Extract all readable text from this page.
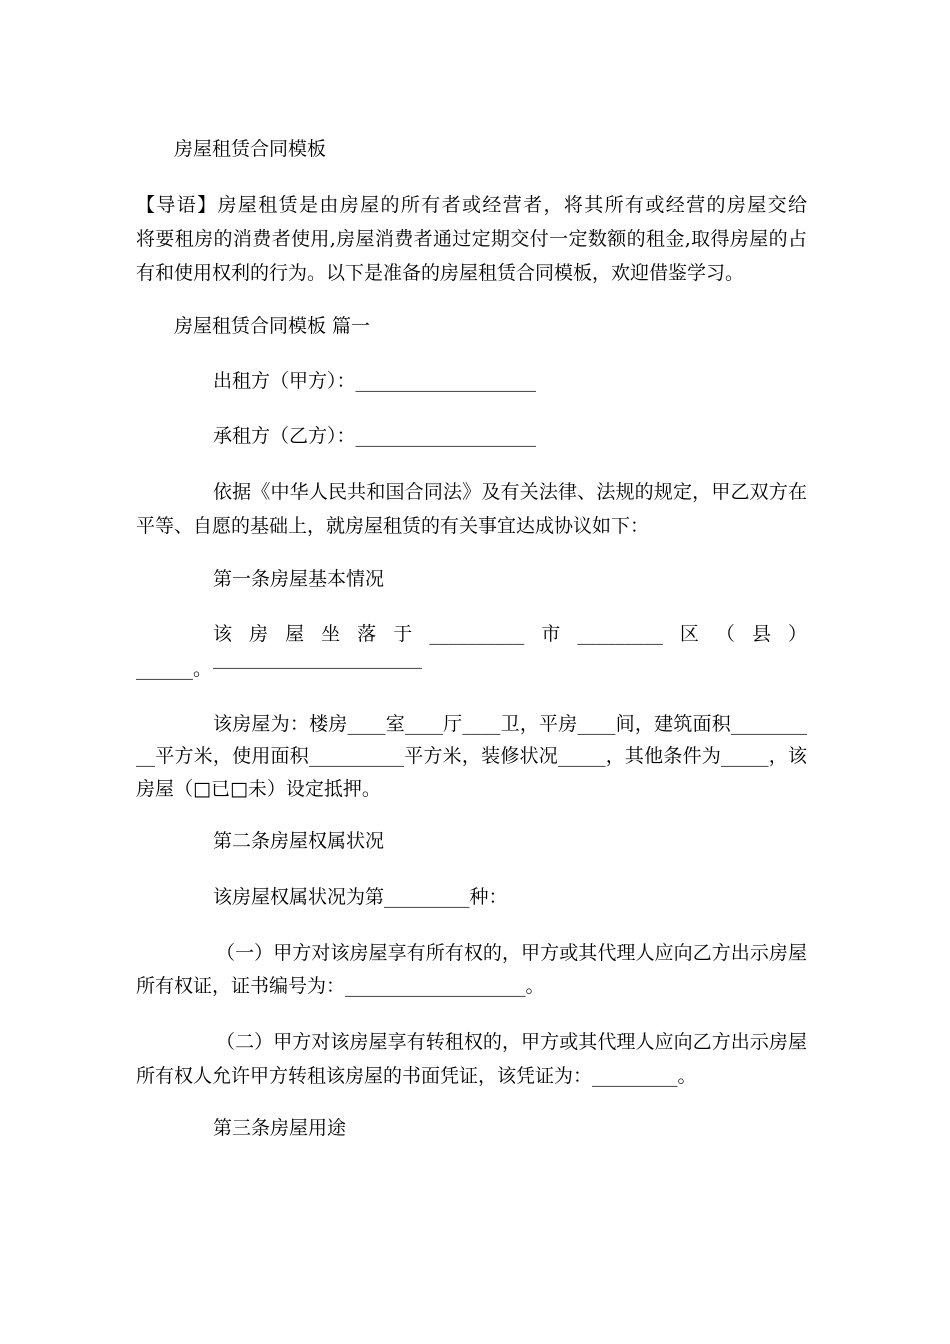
房屋租赁合同模板
【导语】房屋租赁是由房屋的所有者或经营者，将其所有或经营的房屋交给
将要租房的消费者使用,房屋消费者通过定期交付一定数额的租金,取得房屋的占
有和使用权利的行为。以下是准备的房屋租赁合同模板，欢迎借鉴学习。
房屋租赁合同模板 篇一
出租方（甲方）：___________________
承租方（乙方）：___________________
依据《中华人民共和国合同法》及有关法律、法规的规定，甲乙双方在
平等、自愿的基础上，就房屋租赁的有关事宜达成协议如下：
第一条房屋基本情况
该房屋坐落于__________市_________区（县）______________________
______。
该房屋为：楼房____室____厅____卫，平房____间，建筑面积________
__平方米，使用面积__________平方米，装修状况_____，其他条件为_____，该
房屋（□已□未）设定抵押。
第二条房屋权属状况
该房屋权属状况为第_________种：
（一）甲方对该房屋享有所有权的，甲方或其代理人应向乙方出示房屋
所有权证，证书编号为：___________________。
（二）甲方对该房屋享有转租权的，甲方或其代理人应向乙方出示房屋
所有权人允许甲方转租该房屋的书面凭证，该凭证为：_________。
第三条房屋用途
